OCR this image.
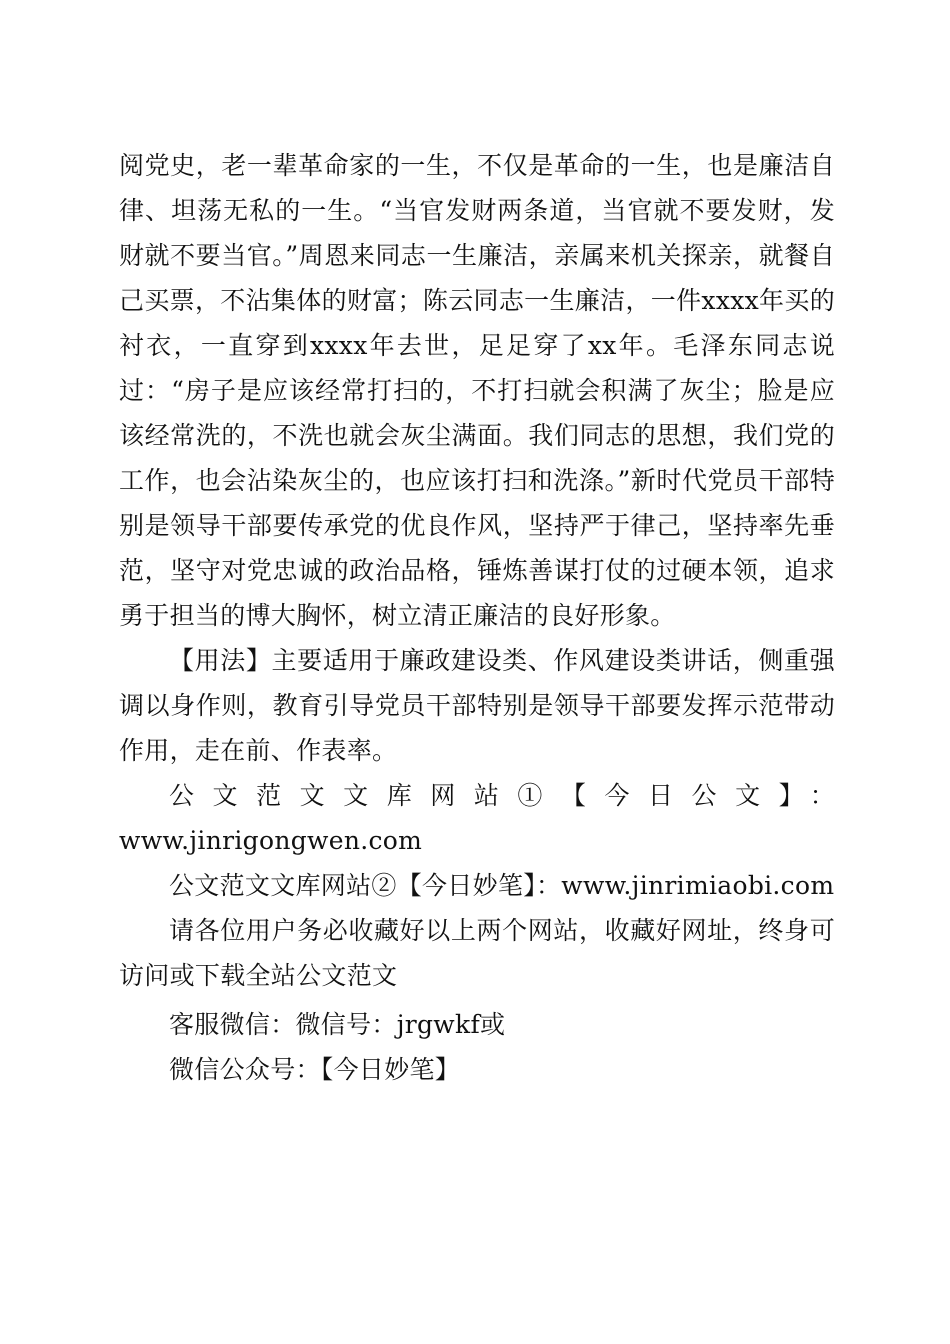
阅党史，老一辈革命家的一生，不仅是革命的一生，也是廉洁自律、坦荡无私的一生。“当官发财两条道，当官就不要发财，发财就不要当官。”周恩来同志一生廉洁，亲属来机关探亲，就餐自己买票，不沾集体的财富；陈云同志一生廉洁，一件xxxx年买的衬衣，一直穿到xxxx年去世，足足穿了xx年。毛泽东同志说过：“房子是应该经常打扫的，不打扫就会积满了灰尘；脸是应该经常洗的，不洗也就会灰尘满面。我们同志的思想，我们党的工作，也会沾染灰尘的，也应该打扫和洗涤。”新时代党员干部特别是领导干部要传承党的优良作风，坚持严于律己，坚持率先垂范，坚守对党忠诚的政治品格，锤炼善谋打仗的过硬本领，追求勇于担当的博大胸怀，树立清正廉洁的良好形象。

【用法】主要适用于廉政建设类、作风建设类讲话，侧重强调以身作则，教育引导党员干部特别是领导干部要发挥示范带动作用，走在前、作表率。

公文范文文库网站①【今日公文】：

www.jinrigongwen.com

公文范文文库网站②【今日妙笔】：www.jinrimiaobi.com

请各位用户务必收藏好以上两个网站，收藏好网址，终身可访问或下载全站公文范文

客服微信：微信号：jrgwkf或

微信公众号：【今日妙笔】
